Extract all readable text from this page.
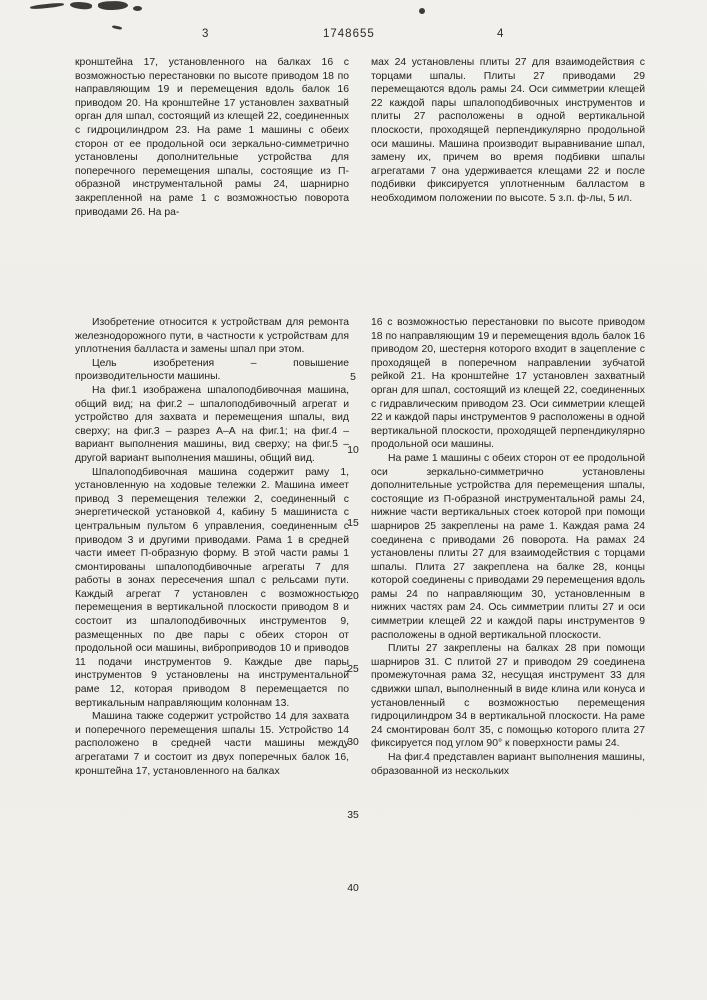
3	1748655	4

кронштейна 17, установленного на балках 16 с возможностью перестановки по высоте приводом 18 по направляющим 19 и перемещения вдоль балок 16 приводом 20. На кронштейне 17 установлен захватный орган для шпал, состоящий из клещей 22, соединенных с гидроцилиндром 23. На раме 1 машины с обеих сторон от ее продольной оси зеркально-симметрично установлены дополнительные устройства для поперечного перемещения шпалы, состоящие из П-образной инструментальной рамы 24, шарнирно закрепленной на раме 1 с возможностью поворота приводами 26. На ра-

мах 24 установлены плиты 27 для взаимодействия с торцами шпалы. Плиты 27 приводами 29 перемещаются вдоль рамы 24. Оси симметрии клещей 22 каждой пары шпалоподбивочных инструментов и плиты 27 расположены в одной вертикальной плоскости, проходящей перпендикулярно продольной оси машины. Машина производит выравнивание шпал, замену их, причем во время подбивки шпалы агрегатами 7 она удерживается клещами 22 и после подбивки фиксируется уплотненным балластом в необходимом положении по высоте. 5 з.п. ф-лы, 5 ил.

Изобретение относится к устройствам для ремонта железнодорожного пути, в частности к устройствам для уплотнения балласта и замены шпал при этом.

Цель изобретения – повышение производительности машины.

На фиг.1 изображена шпалоподбивочная машина, общий вид; на фиг.2 – шпалоподбивочный агрегат и устройство для захвата и перемещения шпалы, вид сверху; на фиг.3 – разрез А–А на фиг.1; на фиг.4 – вариант выполнения машины, вид сверху; на фиг.5 – другой вариант выполнения машины, общий вид.

Шпалоподбивочная машина содержит раму 1, установленную на ходовые тележки 2. Машина имеет привод 3 перемещения тележки 2, соединенный с энергетической установкой 4, кабину 5 машиниста с центральным пультом 6 управления, соединенным с приводом 3 и другими приводами. Рама 1 в средней части имеет П-образную форму. В этой части рамы 1 смонтированы шпалоподбивочные агрегаты 7 для работы в зонах пересечения шпал с рельсами пути. Каждый агрегат 7 установлен с возможностью перемещения в вертикальной плоскости приводом 8 и состоит из шпалоподбивочных инструментов 9, размещенных по две пары с обеих сторон от продольной оси машины, виброприводов 10 и приводов 11 подачи инструментов 9. Каждые две пары инструментов 9 установлены на инструментальной раме 12, которая приводом 8 перемещается по вертикальным направляющим колоннам 13.

Машина также содержит устройство 14 для захвата и поперечного перемещения шпалы 15. Устройство 14 расположено в средней части машины между агрегатами 7 и состоит из двух поперечных балок 16, кронштейна 17, установленного на балках

16 с возможностью перестановки по высоте приводом 18 по направляющим 19 и перемещения вдоль балок 16 приводом 20, шестерня которого входит в зацепление с проходящей в поперечном направлении зубчатой рейкой 21. На кронштейне 17 установлен захватный орган для шпал, состоящий из клещей 22, соединенных с гидравлическим приводом 23. Оси симметрии клещей 22 и каждой пары инструментов 9 расположены в одной вертикальной плоскости, проходящей перпендикулярно продольной оси машины.

На раме 1 машины с обеих сторон от ее продольной оси зеркально-симметрично установлены дополнительные устройства для перемещения шпалы, состоящие из П-образной инструментальной рамы 24, нижние части вертикальных стоек которой при помощи шарниров 25 закреплены на раме 1. Каждая рама 24 соединена с приводами 26 поворота. На рамах 24 установлены плиты 27 для взаимодействия с торцами шпалы. Плита 27 закреплена на балке 28, концы которой соединены с приводами 29 перемещения вдоль рамы 24 по направляющим 30, установленным в нижних частях рам 24. Ось симметрии плиты 27 и оси симметрии клещей 22 и каждой пары инструментов 9 расположены в одной вертикальной плоскости.

Плиты 27 закреплены на балках 28 при помощи шарниров 31. С плитой 27 и приводом 29 соединена промежуточная рама 32, несущая инструмент 33 для сдвижки шпал, выполненный в виде клина или конуса и установленный с возможностью перемещения гидроцилиндром 34 в вертикальной плоскости. На раме 24 смонтирован болт 35, с помощью которого плита 27 фиксируется под углом 90° к поверхности рамы 24.

На фиг.4 представлен вариант выполнения машины, образованной из нескольких

5
10
15
20
25
30
35
40
